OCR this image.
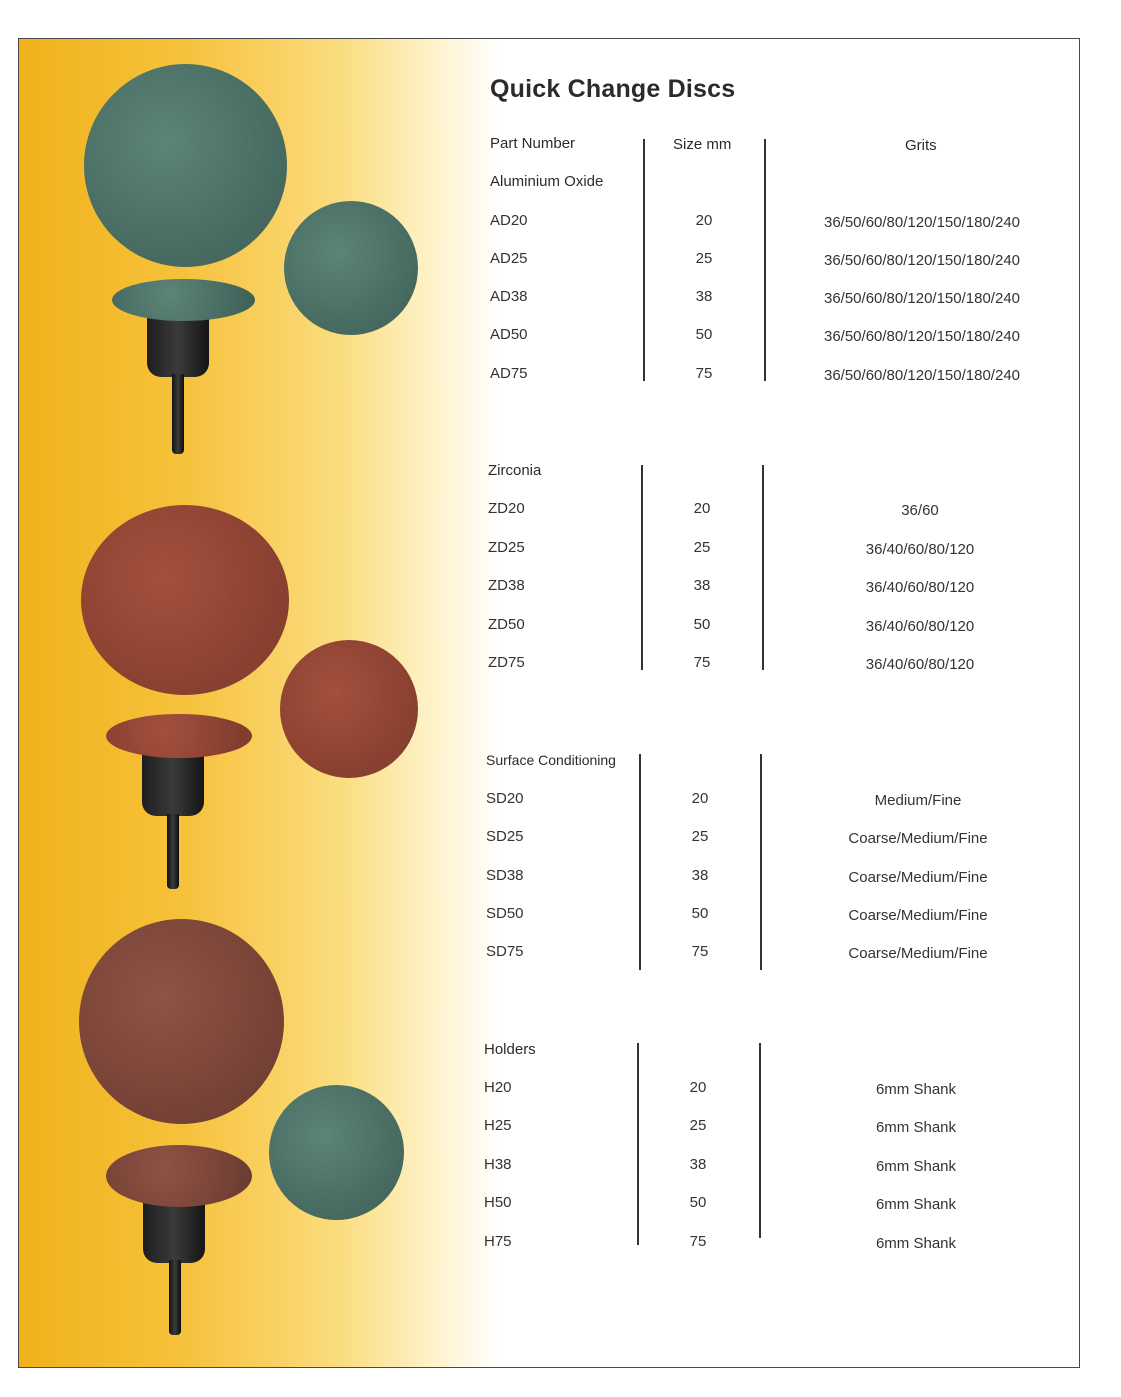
Quick Change Discs
Part Number	Size mm	Grits
Aluminium Oxide
AD20	20	36/50/60/80/120/150/180/240
AD25	25	36/50/60/80/120/150/180/240
AD38	38	36/50/60/80/120/150/180/240
AD50	50	36/50/60/80/120/150/180/240
AD75	75	36/50/60/80/120/150/180/240
Zirconia
ZD20	20	36/60
ZD25	25	36/40/60/80/120
ZD38	38	36/40/60/80/120
ZD50	50	36/40/60/80/120
ZD75	75	36/40/60/80/120
Surface Conditioning
SD20	20	Medium/Fine
SD25	25	Coarse/Medium/Fine
SD38	38	Coarse/Medium/Fine
SD50	50	Coarse/Medium/Fine
SD75	75	Coarse/Medium/Fine
Holders
H20	20	6mm Shank
H25	25	6mm Shank
H38	38	6mm Shank
H50	50	6mm Shank
H75	75	6mm Shank
